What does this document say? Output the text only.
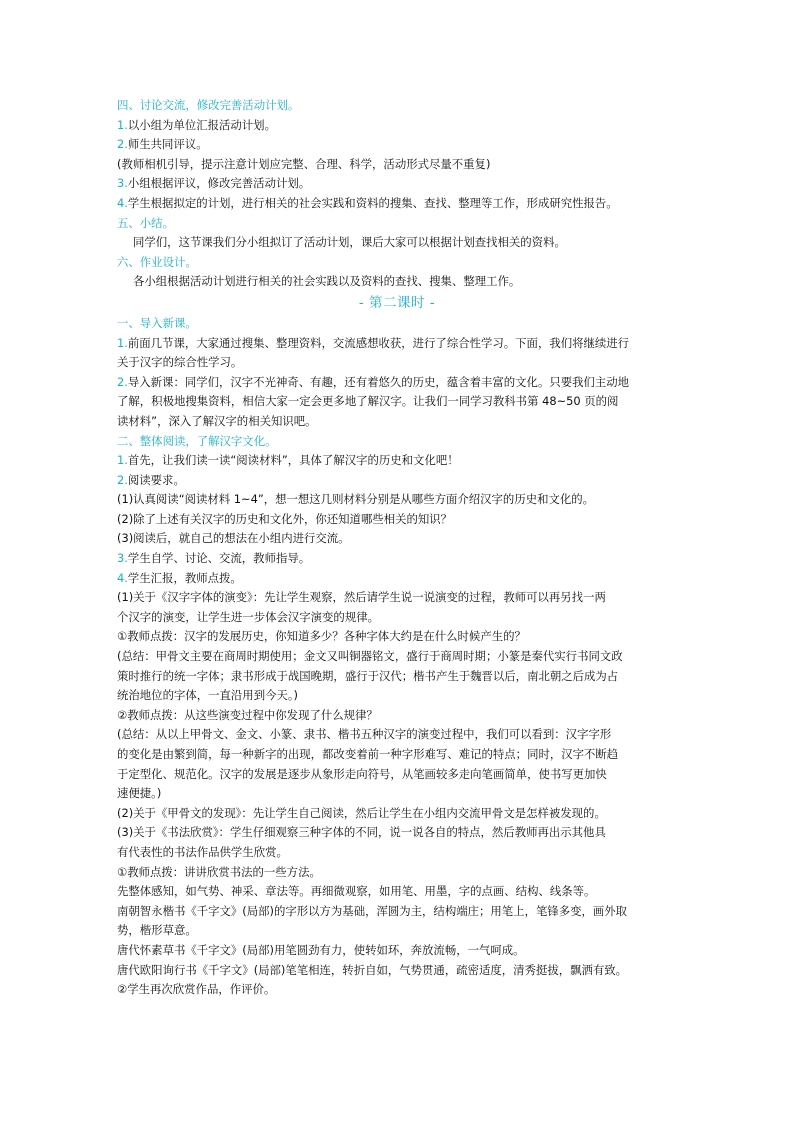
四、讨论交流，修改完善活动计划。
1.以小组为单位汇报活动计划。
2.师生共同评议。
(教师相机引导，提示注意计划应完整、合理、科学，活动形式尽量不重复)
3.小组根据评议，修改完善活动计划。
4.学生根据拟定的计划，进行相关的社会实践和资料的搜集、查找、整理等工作，形成研究性报告。
五、小结。
同学们，这节课我们分小组拟订了活动计划，课后大家可以根据计划查找相关的资料。
六、作业设计。
各小组根据活动计划进行相关的社会实践以及资料的查找、搜集、整理工作。
- 第二课时 -
一、导入新课。
1.前面几节课，大家通过搜集、整理资料，交流感想收获，进行了综合性学习。下面，我们将继续进行
关于汉字的综合性学习。
2.导入新课：同学们，汉字不光神奇、有趣，还有着悠久的历史，蕴含着丰富的文化。只要我们主动地
了解，积极地搜集资料，相信大家一定会更多地了解汉字。让我们一同学习教科书第 48~50 页的阅
读材料”，深入了解汉字的相关知识吧。
二、整体阅读，了解汉字文化。
1.首先，让我们读一读“阅读材料”，具体了解汉字的历史和文化吧！
2.阅读要求。
(1)认真阅读“阅读材料 1~4”，想一想这几则材料分别是从哪些方面介绍汉字的历史和文化的。
(2)除了上述有关汉字的历史和文化外，你还知道哪些相关的知识？
(3)阅读后，就自己的想法在小组内进行交流。
3.学生自学、讨论、交流，教师指导。
4.学生汇报，教师点拨。
(1)关于《汉字字体的演变》：先让学生观察，然后请学生说一说演变的过程，教师可以再另找一两
个汉字的演变，让学生进一步体会汉字演变的规律。
①教师点拨：汉字的发展历史，你知道多少？各种字体大约是在什么时候产生的？
(总结：甲骨文主要在商周时期使用；金文又叫铜器铭文，盛行于商周时期；小篆是秦代实行书同文政
策时推行的统一字体；隶书形成于战国晚期，盛行于汉代；楷书产生于魏晋以后，南北朝之后成为占
统治地位的字体，一直沿用到今天。)
②教师点拨：从这些演变过程中你发现了什么规律？
(总结：从以上甲骨文、金文、小篆、隶书、楷书五种汉字的演变过程中，我们可以看到：汉字字形
的变化是由繁到简，每一种新字的出现，都改变着前一种字形难写、难记的特点；同时，汉字不断趋
于定型化、规范化。汉字的发展是逐步从象形走向符号，从笔画较多走向笔画简单，使书写更加快
速便捷。)
(2)关于《甲骨文的发现》：先让学生自己阅读，然后让学生在小组内交流甲骨文是怎样被发现的。
(3)关于《书法欣赏》：学生仔细观察三种字体的不同，说一说各自的特点，然后教师再出示其他具
有代表性的书法作品供学生欣赏。
①教师点拨：讲讲欣赏书法的一些方法。
先整体感知，如气势、神采、章法等。再细微观察，如用笔、用墨，字的点画、结构、线条等。
南朝智永楷书《千字文》(局部)的字形以方为基础，浑圆为主，结构端庄；用笔上，笔锋多变，画外取
势，楷形草意。
唐代怀素草书《千字文》(局部)用笔圆劲有力，使转如环，奔放流畅，一气呵成。
唐代欧阳询行书《千字文》(局部)笔笔相连，转折自如，气势贯通，疏密适度，清秀挺拔，飘洒有致。
②学生再次欣赏作品，作评价。
